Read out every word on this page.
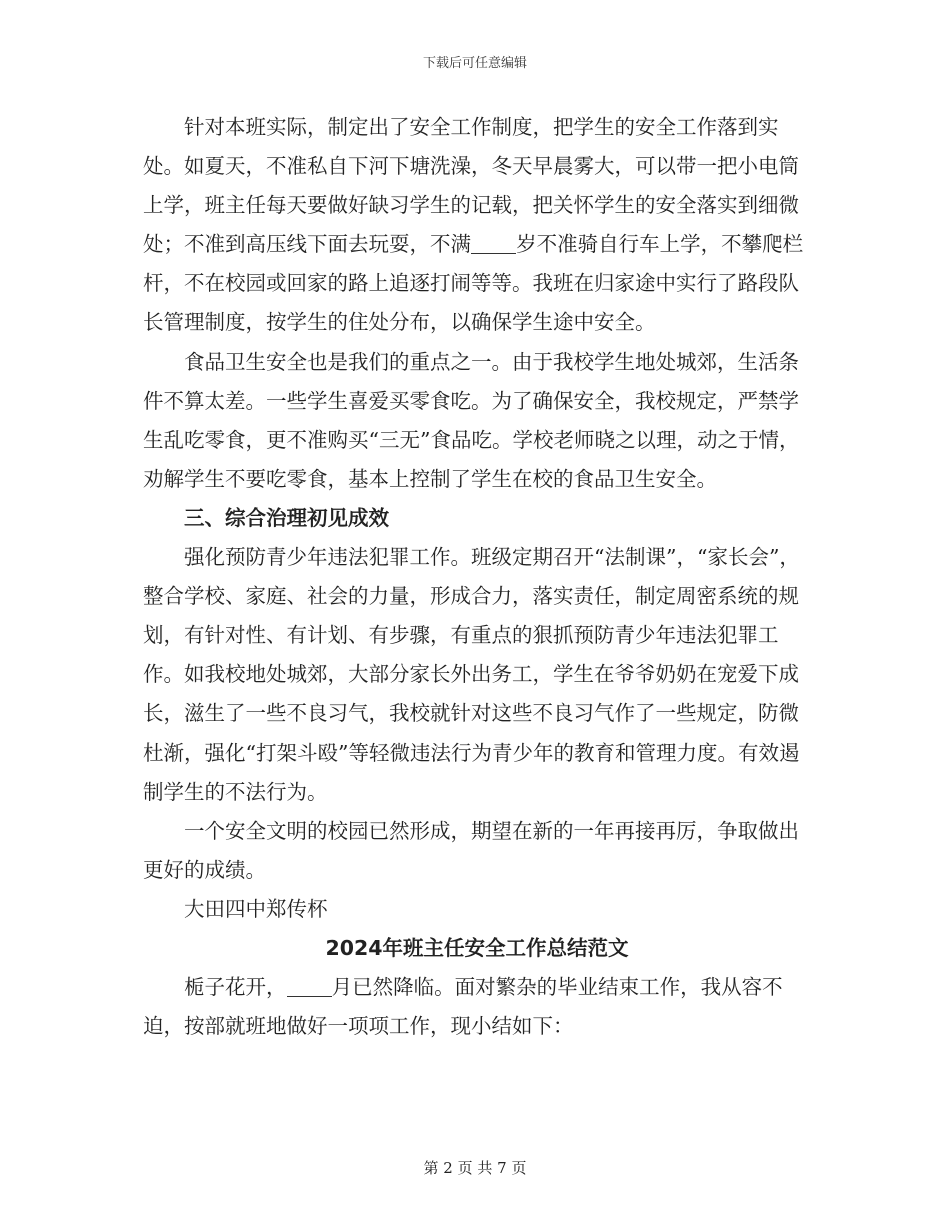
下载后可任意编辑

针对本班实际，制定出了安全工作制度，把学生的安全工作落到实处。如夏天，不准私自下河下塘洗澡，冬天早晨雾大，可以带一把小电筒上学，班主任每天要做好缺习学生的记载，把关怀学生的安全落实到细微处；不准到高压线下面去玩耍，不满 岁不准骑自行车上学，不攀爬栏杆，不在校园或回家的路上追逐打闹等等。我班在归家途中实行了路段队长管理制度，按学生的住处分布，以确保学生途中安全。

食品卫生安全也是我们的重点之一。由于我校学生地处城郊，生活条件不算太差。一些学生喜爱买零食吃。为了确保安全，我校规定，严禁学生乱吃零食，更不准购买“三无”食品吃。学校老师晓之以理，动之于情，劝解学生不要吃零食，基本上控制了学生在校的食品卫生安全。

三、综合治理初见成效

强化预防青少年违法犯罪工作。班级定期召开“法制课”，“家长会”，整合学校、家庭、社会的力量，形成合力，落实责任，制定周密系统的规划，有针对性、有计划、有步骤，有重点的狠抓预防青少年违法犯罪工作。如我校地处城郊，大部分家长外出务工，学生在爷爷奶奶在宠爱下成长，滋生了一些不良习气，我校就针对这些不良习气作了一些规定，防微杜渐，强化“打架斗殴”等轻微违法行为青少年的教育和管理力度。有效遏制学生的不法行为。

一个安全文明的校园已然形成，期望在新的一年再接再厉，争取做出更好的成绩。

大田四中郑传杯

2024年班主任安全工作总结范文

栀子花开， 月已然降临。面对繁杂的毕业结束工作，我从容不迫，按部就班地做好一项项工作，现小结如下：

第 2 页 共 7 页
